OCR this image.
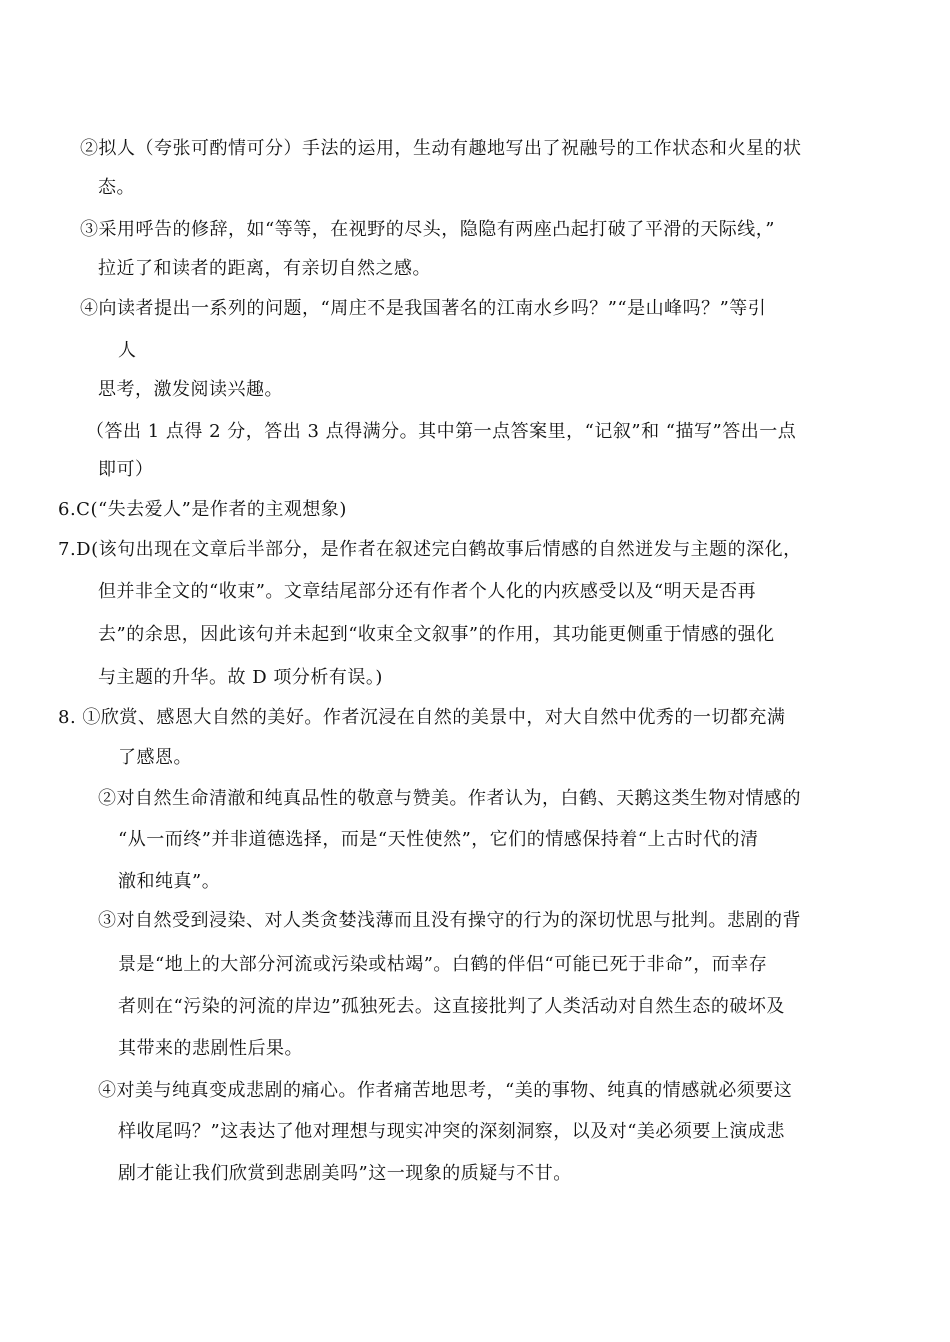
②拟人（夸张可酌情可分）手法的运用，生动有趣地写出了祝融号的工作状态和火星的状
态。
③采用呼告的修辞，如“等等，在视野的尽头，隐隐有两座凸起打破了平滑的天际线，”
拉近了和读者的距离，有亲切自然之感。
④向读者提出一系列的问题，“周庄不是我国著名的江南水乡吗？”“是山峰吗？”等引
人
思考，激发阅读兴趣。
（答出 1 点得 2 分，答出 3 点得满分。其中第一点答案里，“记叙”和 “描写”答出一点
即可）
6.C(“失去爱人”是作者的主观想象)
7.D(该句出现在文章后半部分，是作者在叙述完白鹤故事后情感的自然迸发与主题的深化，
但并非全文的“收束”。文章结尾部分还有作者个人化的内疚感受以及“明天是否再
去”的余思，因此该句并未起到“收束全文叙事”的作用，其功能更侧重于情感的强化
与主题的升华。故 D 项分析有误。)
8. ①欣赏、感恩大自然的美好。作者沉浸在自然的美景中，对大自然中优秀的一切都充满
了感恩。
②对自然生命清澈和纯真品性的敬意与赞美。作者认为，白鹤、天鹅这类生物对情感的
“从一而终”并非道德选择，而是“天性使然”，它们的情感保持着“上古时代的清
澈和纯真”。
③对自然受到浸染、对人类贪婪浅薄而且没有操守的行为的深切忧思与批判。悲剧的背
景是“地上的大部分河流或污染或枯竭”。白鹤的伴侣“可能已死于非命”，而幸存
者则在“污染的河流的岸边”孤独死去。这直接批判了人类活动对自然生态的破坏及
其带来的悲剧性后果。
④对美与纯真变成悲剧的痛心。作者痛苦地思考，“美的事物、纯真的情感就必须要这
样收尾吗？”这表达了他对理想与现实冲突的深刻洞察，以及对“美必须要上演成悲
剧才能让我们欣赏到悲剧美吗”这一现象的质疑与不甘。
